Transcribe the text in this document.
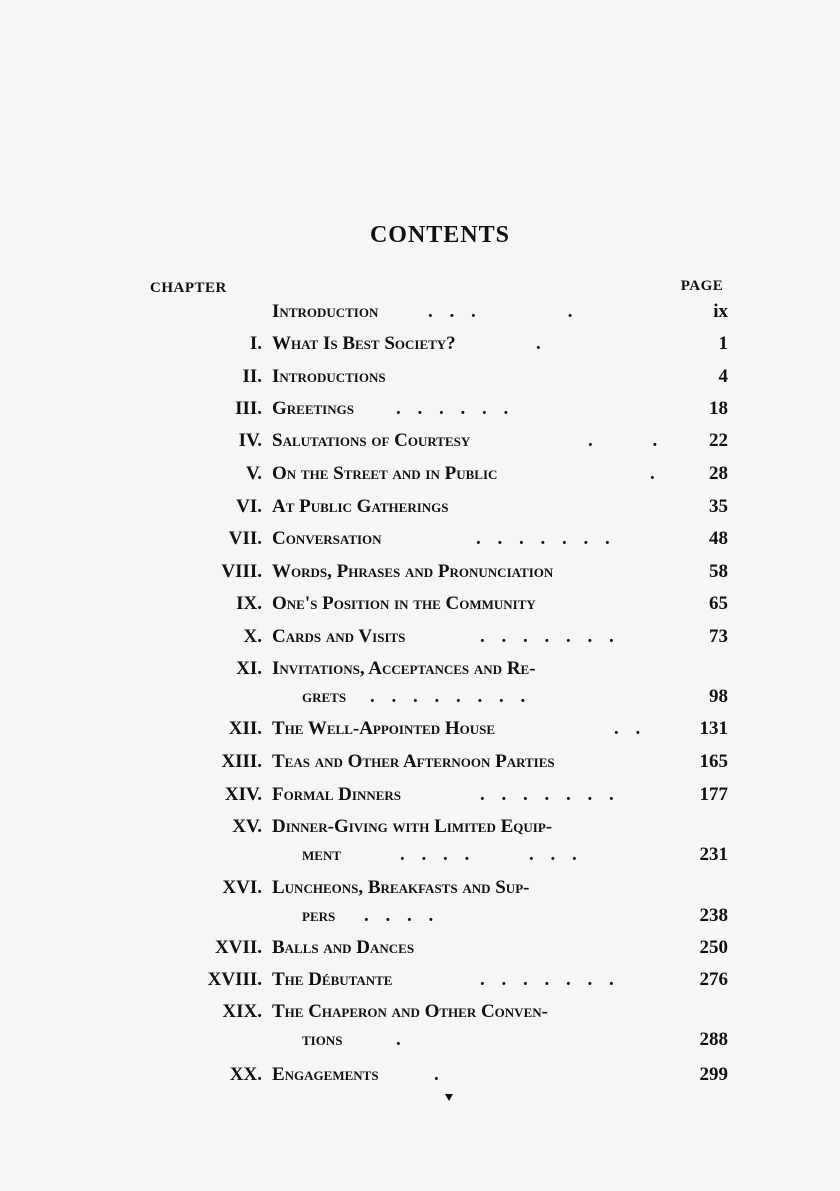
CONTENTS
CHAPTER	PAGE
Introduction	. . .        .	ix
I. What Is Best Society?	.	1
II. Introductions	4
III. Greetings . . . . . .	18
IV. Salutations of Courtesy	.     .	22
V. On the Street and in Public	.	28
VI. At Public Gatherings	35
VII. Conversation	. . . . . . .	48
VIII. Words, Phrases and Pronunciation	58
IX. One's Position in the Community	65
X. Cards and Visits	. . . . . . .	73
XI. Invitations, Acceptances and Re-
grets . . . . . . . .	98
XII. The Well-Appointed House	. .	131
XIII. Teas and Other Afternoon Parties	165
XIV. Formal Dinners	. . . . . . .	177
XV. Dinner-Giving with Limited Equip-
ment	. . . .     . . .	231
XVI. Luncheons, Breakfasts and Sup-
pers . . . .	238
XVII. Balls and Dances	250
XVIII. The Débutante	. . . . . . .	276
XIX. The Chaperon and Other Conven-
tions	.	288
XX. Engagements	.	299
